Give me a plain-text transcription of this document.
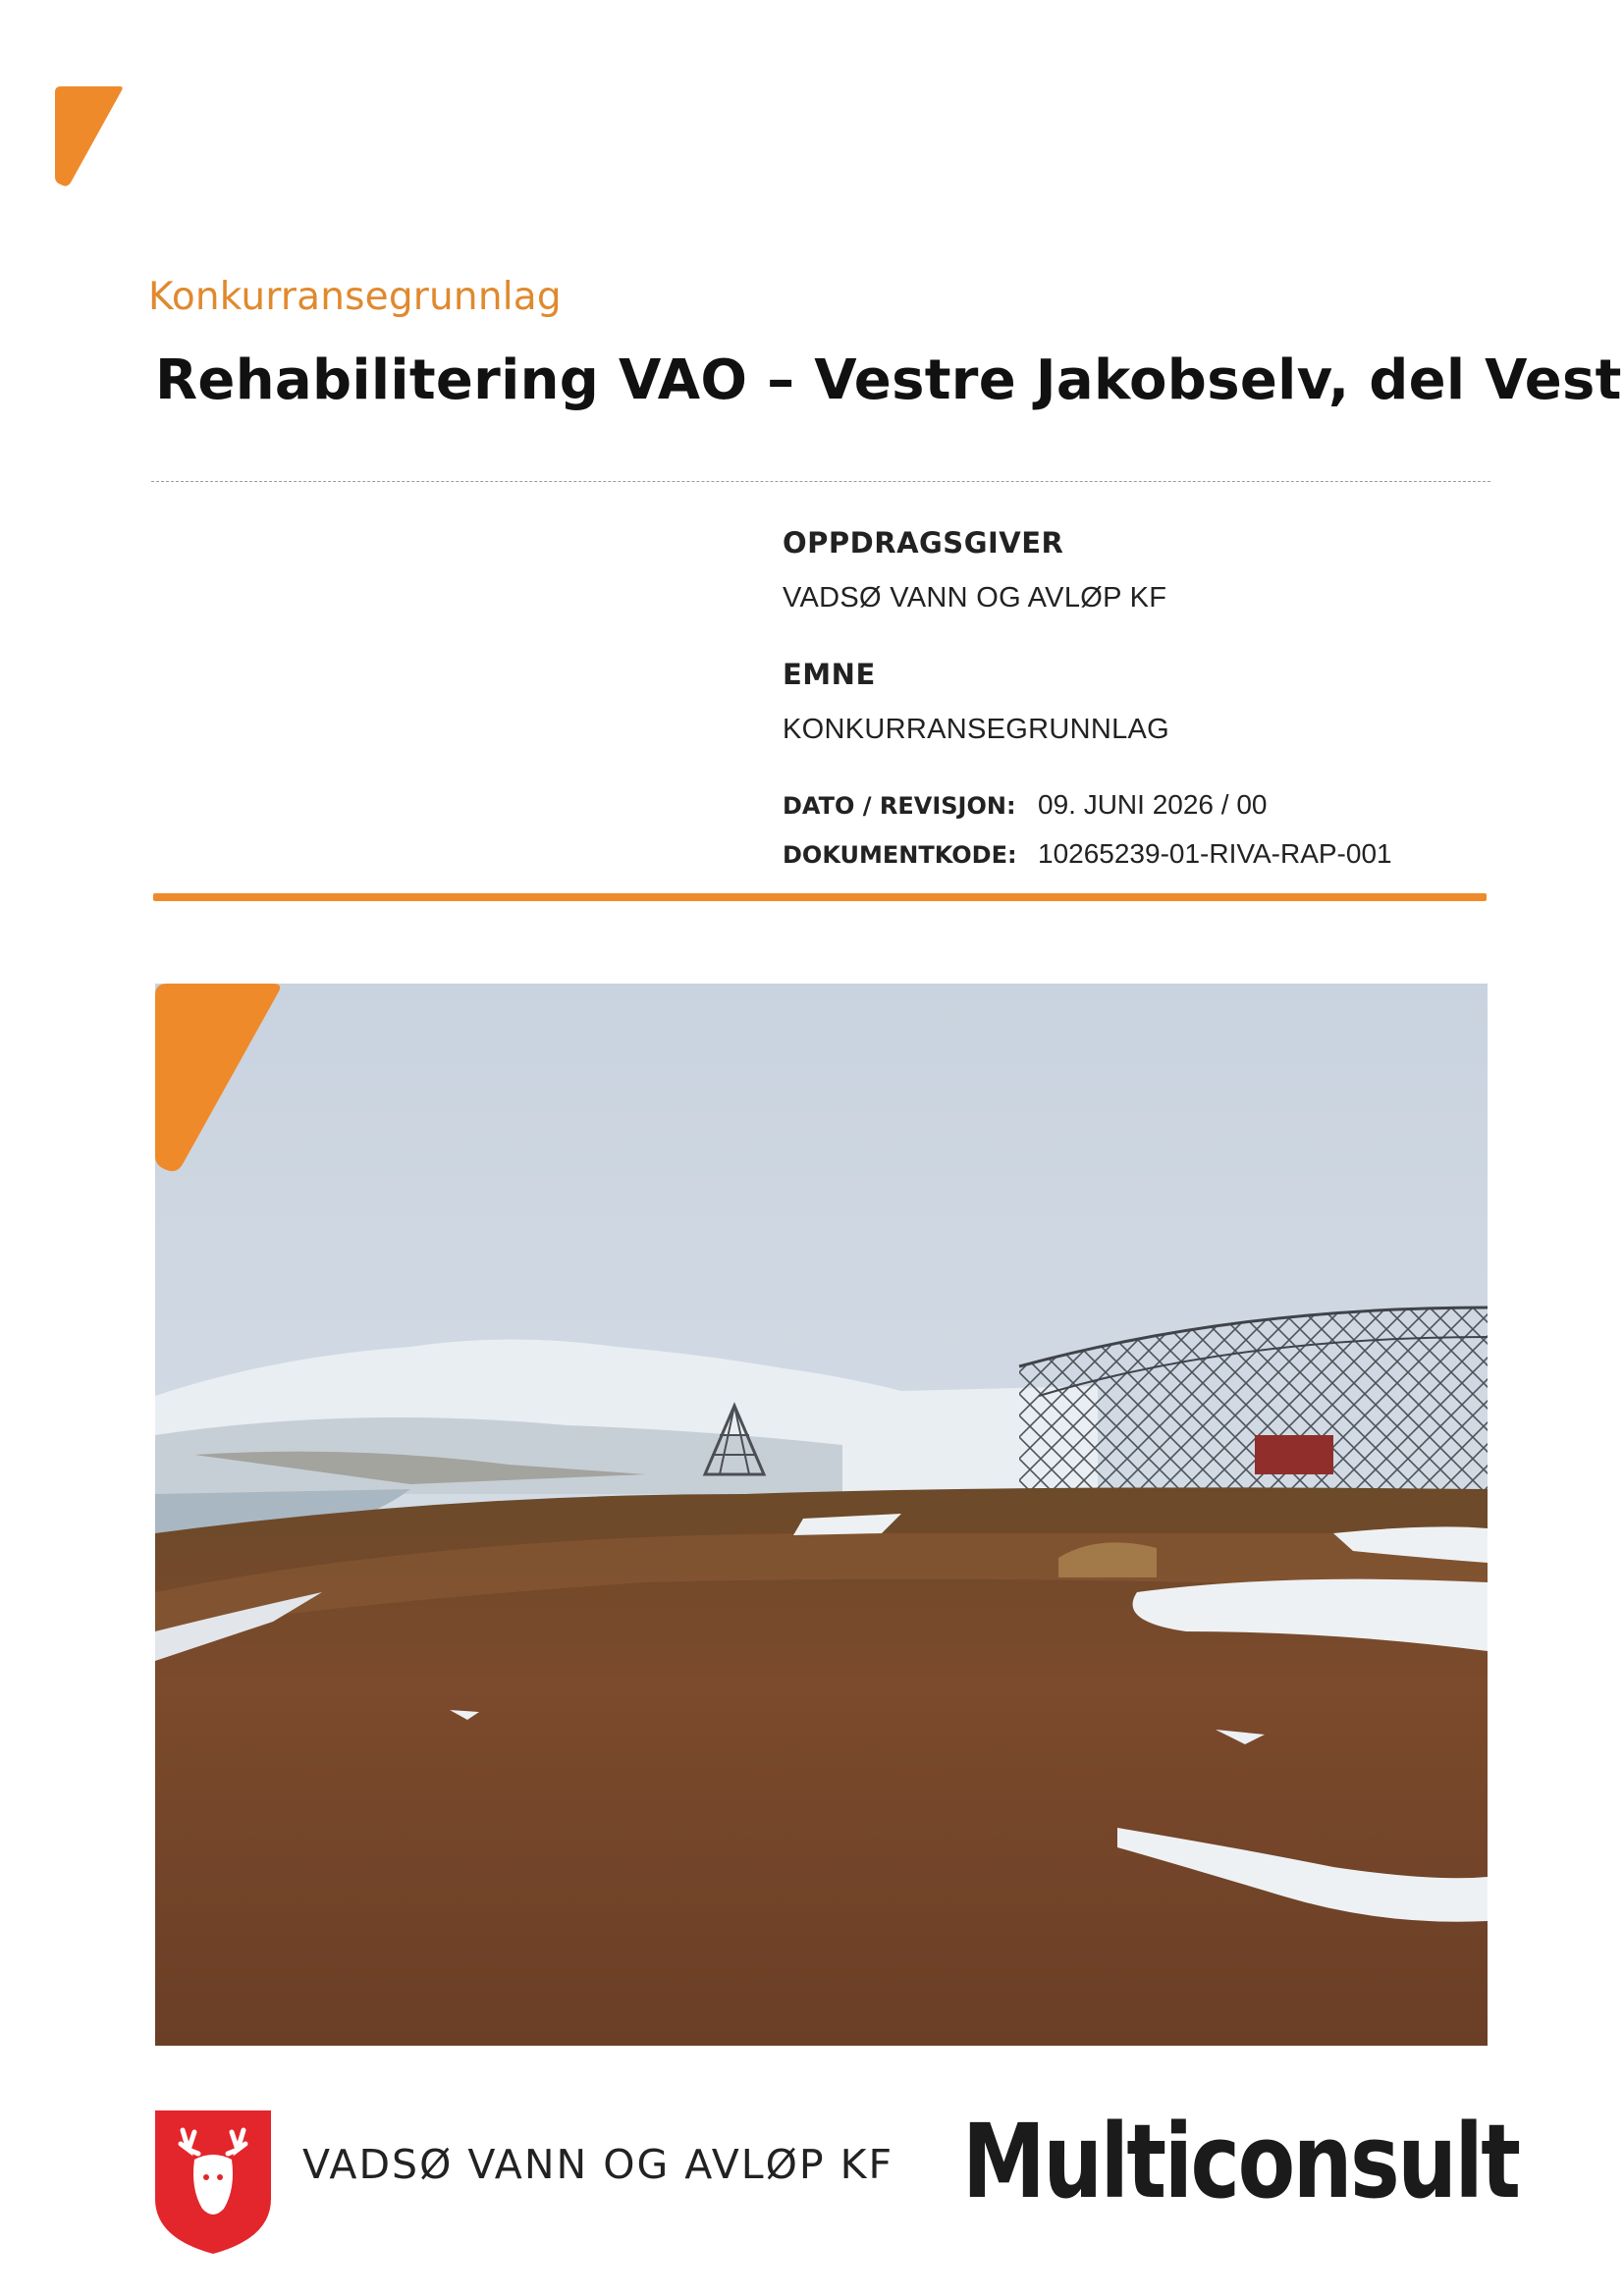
Konkurransegrunnlag
Rehabilitering VAO – Vestre Jakobselv, del Vest
OPPDRAGSGIVER
VADSØ VANN OG AVLØP KF
EMNE
KONKURRANSEGRUNNLAG
DATO / REVISJON: 09. JUNI 2026 / 00
DOKUMENTKODE: 10265239-01-RIVA-RAP-001
VADSØ VANN OG AVLØP KF Multiconsult
